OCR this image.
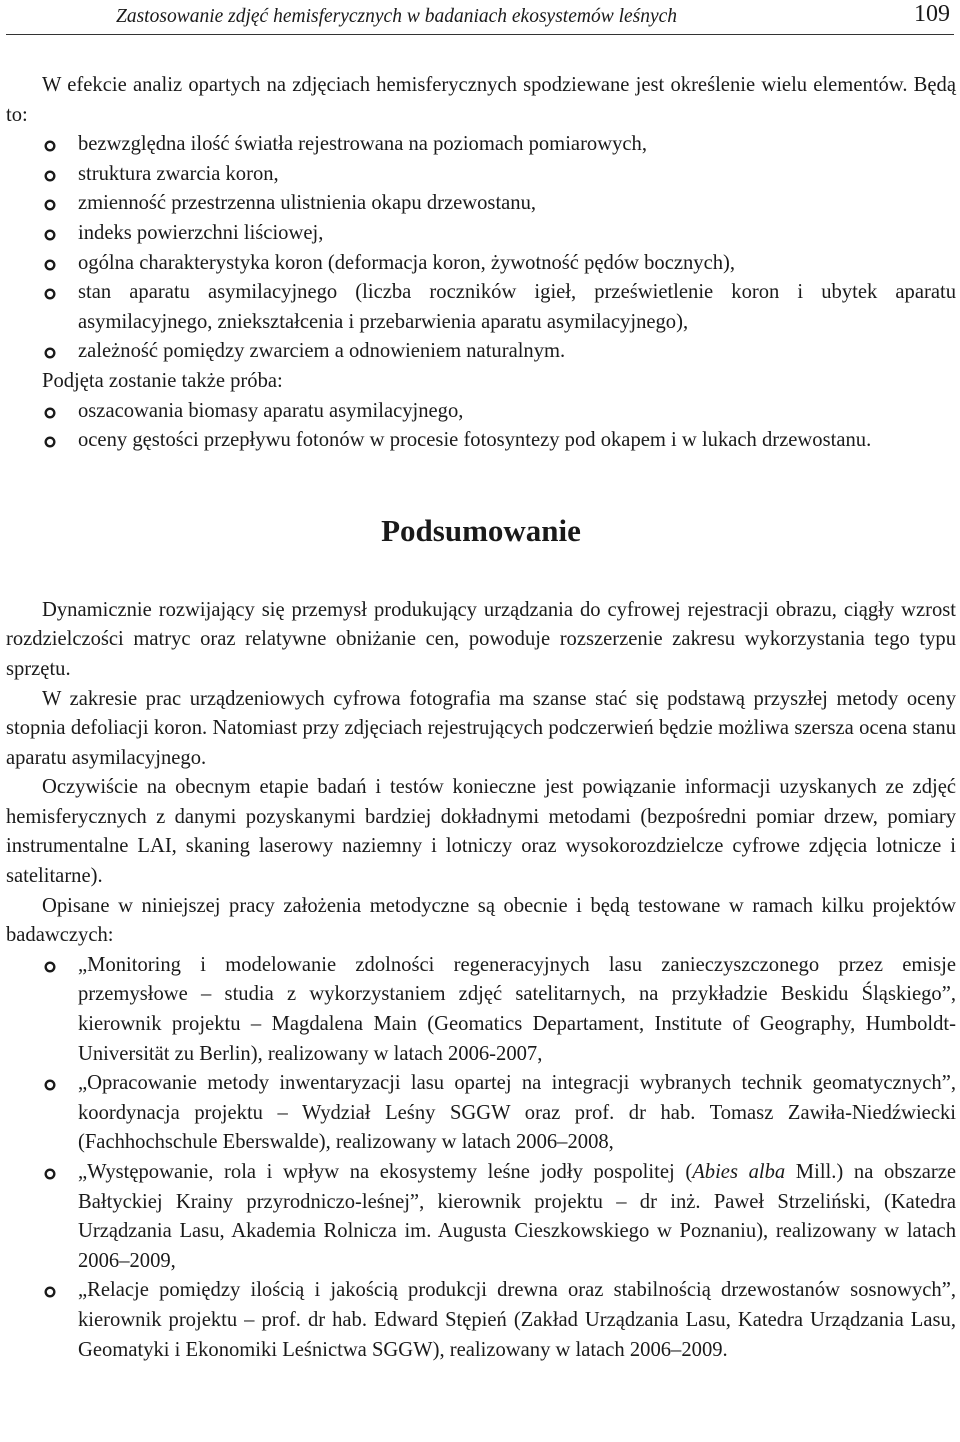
Zastosowanie zdjęć hemisferycznych w badaniach ekosystemów leśnych	109

W efekcie analiz opartych na zdjęciach hemisferycznych spodziewane jest określenie wielu elementów. Będą to:

bezwzględna ilość światła rejestrowana na poziomach pomiarowych,
struktura zwarcia koron,
zmienność przestrzenna ulistnienia okapu drzewostanu,
indeks powierzchni liściowej,
ogólna charakterystyka koron (deformacja koron, żywotność pędów bocznych),
stan aparatu asymilacyjnego (liczba roczników igieł, prześwietlenie koron i ubytek aparatu asymilacyjnego, zniekształcenia i przebarwienia aparatu asymilacyjnego),
zależność pomiędzy zwarciem a odnowieniem naturalnym.

Podjęta zostanie także próba:

oszacowania biomasy aparatu asymilacyjnego,
oceny gęstości przepływu fotonów w procesie fotosyntezy pod okapem i w lukach drzewostanu.
Podsumowanie

Dynamicznie rozwijający się przemysł produkujący urządzania do cyfrowej rejestracji obrazu, ciągły wzrost rozdzielczości matryc oraz relatywne obniżanie cen, powoduje rozszerzenie zakresu wykorzystania tego typu sprzętu.

W zakresie prac urządzeniowych cyfrowa fotografia ma szanse stać się podstawą przyszłej metody oceny stopnia defoliacji koron. Natomiast przy zdjęciach rejestrujących podczerwień będzie możliwa szersza ocena stanu aparatu asymilacyjnego.

Oczywiście na obecnym etapie badań i testów konieczne jest powiązanie informacji uzyskanych ze zdjęć hemisferycznych z danymi pozyskanymi bardziej dokładnymi metodami (bezpośredni pomiar drzew, pomiary instrumentalne LAI, skaning laserowy naziemny i lotniczy oraz wysokorozdzielcze cyfrowe zdjęcia lotnicze i satelitarne).

Opisane w niniejszej pracy założenia metodyczne są obecnie i będą testowane w ramach kilku projektów badawczych:

„Monitoring i modelowanie zdolności regeneracyjnych lasu zanieczyszczonego przez emisje przemysłowe – studia z wykorzystaniem zdjęć satelitarnych, na przykładzie Beskidu Śląskiego”, kierownik projektu – Magdalena Main (Geomatics Departament, Institute of Geography, Humboldt-Universität zu Berlin), realizowany w latach 2006-2007,
„Opracowanie metody inwentaryzacji lasu opartej na integracji wybranych technik geomatycznych”, koordynacja projektu – Wydział Leśny SGGW oraz prof. dr hab. Tomasz Zawiła-Niedźwiecki (Fachhochschule Eberswalde), realizowany w latach 2006–2008,
„Występowanie, rola i wpływ na ekosystemy leśne jodły pospolitej (Abies alba Mill.) na obszarze Bałtyckiej Krainy przyrodniczo-leśnej”, kierownik projektu – dr inż. Paweł Strzeliński, (Katedra Urządzania Lasu, Akademia Rolnicza im. Augusta Cieszkowskiego w Poznaniu), realizowany w latach 2006–2009,
„Relacje pomiędzy ilością i jakością produkcji drewna oraz stabilnością drzewostanów sosnowych”, kierownik projektu – prof. dr hab. Edward Stępień (Zakład Urządzania Lasu, Katedra Urządzania Lasu, Geomatyki i Ekonomiki Leśnictwa SGGW), realizowany w latach 2006–2009.
